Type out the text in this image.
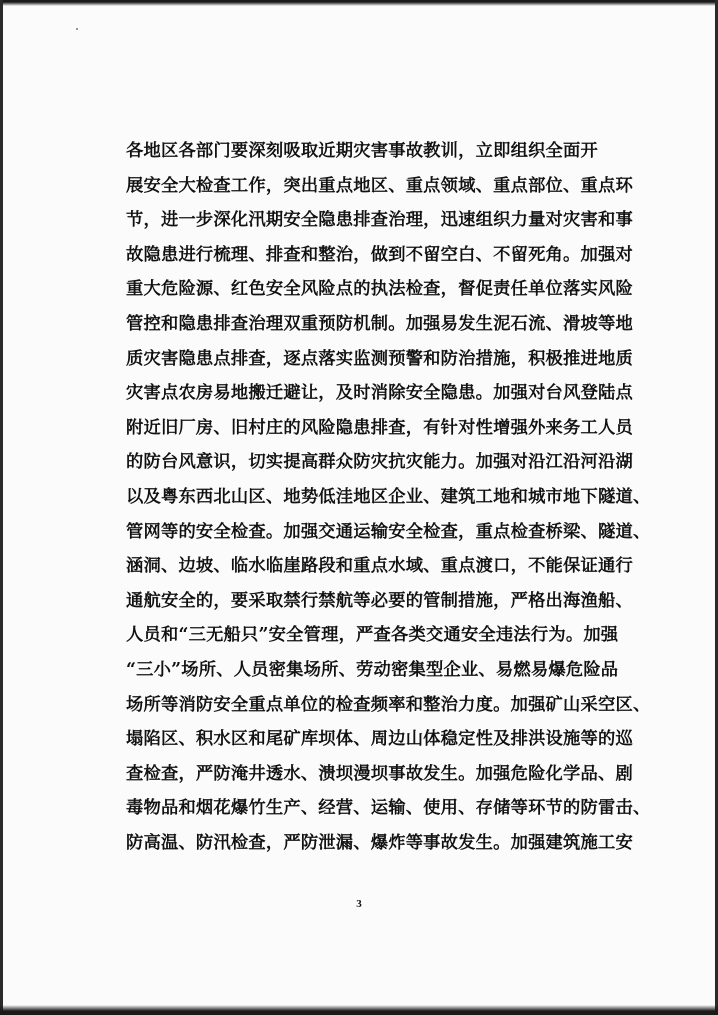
各地区各部门要深刻吸取近期灾害事故教训，立即组织全面开
展安全大检查工作，突出重点地区、重点领域、重点部位、重点环
节，进一步深化汛期安全隐患排查治理，迅速组织力量对灾害和事
故隐患进行梳理、排查和整治，做到不留空白、不留死角。加强对
重大危险源、红色安全风险点的执法检查，督促责任单位落实风险
管控和隐患排查治理双重预防机制。加强易发生泥石流、滑坡等地
质灾害隐患点排查，逐点落实监测预警和防治措施，积极推进地质
灾害点农房易地搬迁避让，及时消除安全隐患。加强对台风登陆点
附近旧厂房、旧村庄的风险隐患排查，有针对性增强外来务工人员
的防台风意识，切实提高群众防灾抗灾能力。加强对沿江沿河沿湖
以及粤东西北山区、地势低洼地区企业、建筑工地和城市地下隧道、
管网等的安全检查。加强交通运输安全检查，重点检查桥梁、隧道、
涵洞、边坡、临水临崖路段和重点水域、重点渡口，不能保证通行
通航安全的，要采取禁行禁航等必要的管制措施，严格出海渔船、
人员和“三无船只”安全管理，严查各类交通安全违法行为。加强
“三小”场所、人员密集场所、劳动密集型企业、易燃易爆危险品
场所等消防安全重点单位的检查频率和整治力度。加强矿山采空区、
塌陷区、积水区和尾矿库坝体、周边山体稳定性及排洪设施等的巡
查检查，严防淹井透水、溃坝漫坝事故发生。加强危险化学品、剧
毒物品和烟花爆竹生产、经营、运输、使用、存储等环节的防雷击、
防高温、防汛检查，严防泄漏、爆炸等事故发生。加强建筑施工安
3
